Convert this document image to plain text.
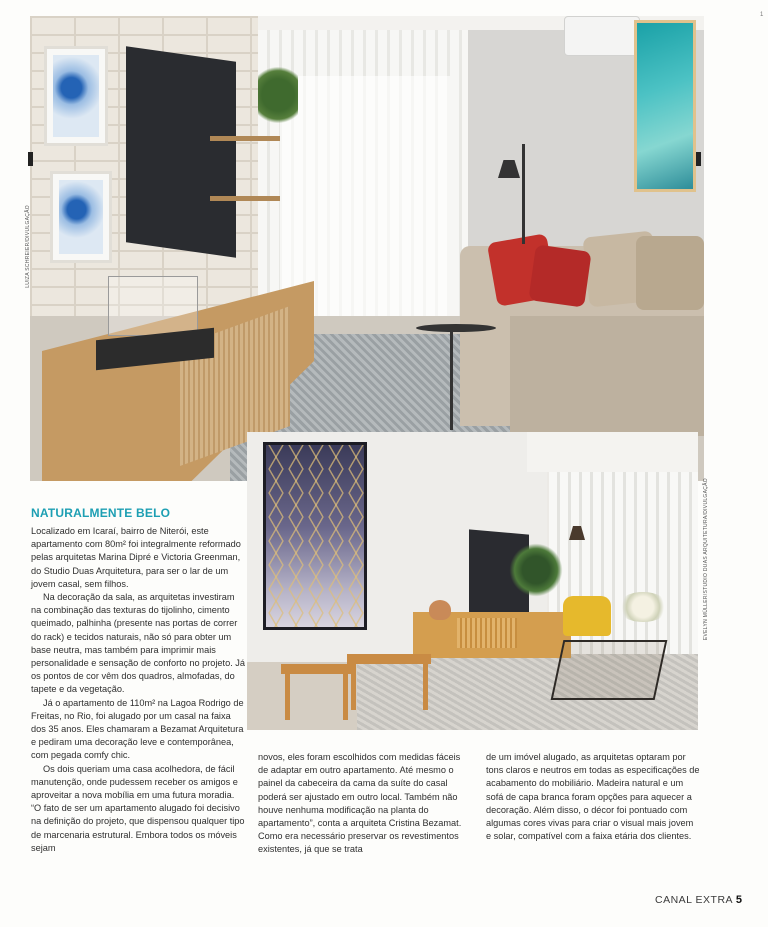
1
LUIZA SCHREIER/DIVULGAÇÃO
EVELYN MÜLLER/STUDIO DUAS ARQUITETURA/DIVULGAÇÃO
NATURALMENTE BELO

Localizado em Icaraí, bairro de Niterói, este apartamento com 80m² foi integralmente reformado pelas arquitetas Marina Dipré e Victoria Greenman, do Studio Duas Arquitetura, para ser o lar de um jovem casal, sem filhos.

Na decoração da sala, as arquitetas investiram na combinação das texturas do tijolinho, cimento queimado, palhinha (presente nas portas de correr do rack) e tecidos naturais, não só para obter um base neutra, mas também para imprimir mais personalidade e sensação de conforto no projeto. Já os pontos de cor vêm dos quadros, almofadas, do tapete e da vegetação.

Já o apartamento de 110m² na Lagoa Rodrigo de Freitas, no Rio, foi alugado por um casal na faixa dos 35 anos. Eles chamaram a Bezamat Arquitetura e pediram uma decoração leve e contemporânea, com pegada comfy chic.

Os dois queriam uma casa acolhedora, de fácil manutenção, onde pudessem receber os amigos e aproveitar a nova mobília em uma futura moradia. “O fato de ser um apartamento alugado foi decisivo na definição do projeto, que dispensou qualquer tipo de marcenaria estrutural. Embora todos os móveis sejam

novos, eles foram escolhidos com medidas fáceis de adaptar em outro apartamento. Até mesmo o painel da cabeceira da cama da suíte do casal poderá ser ajustado em outro local. Também não houve nenhuma modificação na planta do apartamento”, conta a arquiteta Cristina Bezamat. Como era necessário preservar os revestimentos existentes, já que se trata

de um imóvel alugado, as arquitetas optaram por tons claros e neutros em todas as especificações de acabamento do mobiliário. Madeira natural e um sofá de capa branca foram opções para aquecer a decoração. Além disso, o décor foi pontuado com algumas cores vivas para criar o visual mais jovem e solar, compatível com a faixa etária dos clientes.

CANAL EXTRA 5
